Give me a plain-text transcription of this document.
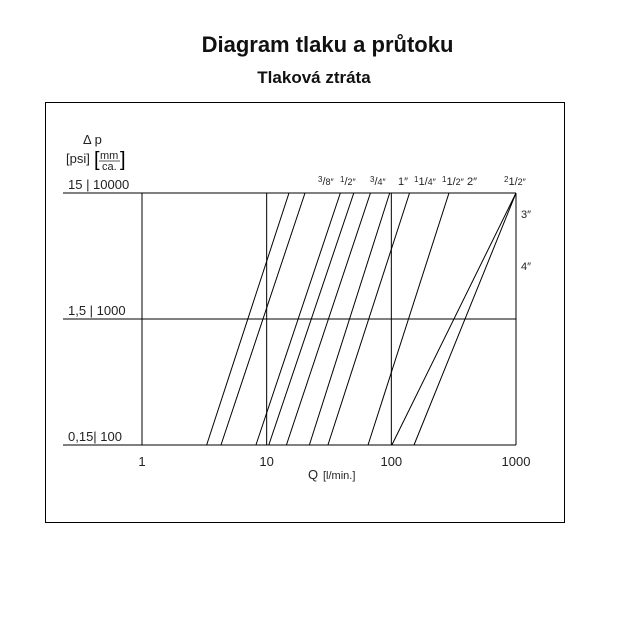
Diagram tlaku a průtoku
Tlaková ztráta
Δ p
[psi] [ mm
ca. ]
0,15| 100
1,5 | 1000
15 | 10000
1	10	100	1000
$^3$/8″ $^1$/2″ $^3$/4″ 1″ $^1$1/4″ $^1$1/2″ 2″	$^2$1/2″
3″
4″
Q [l/min.]
